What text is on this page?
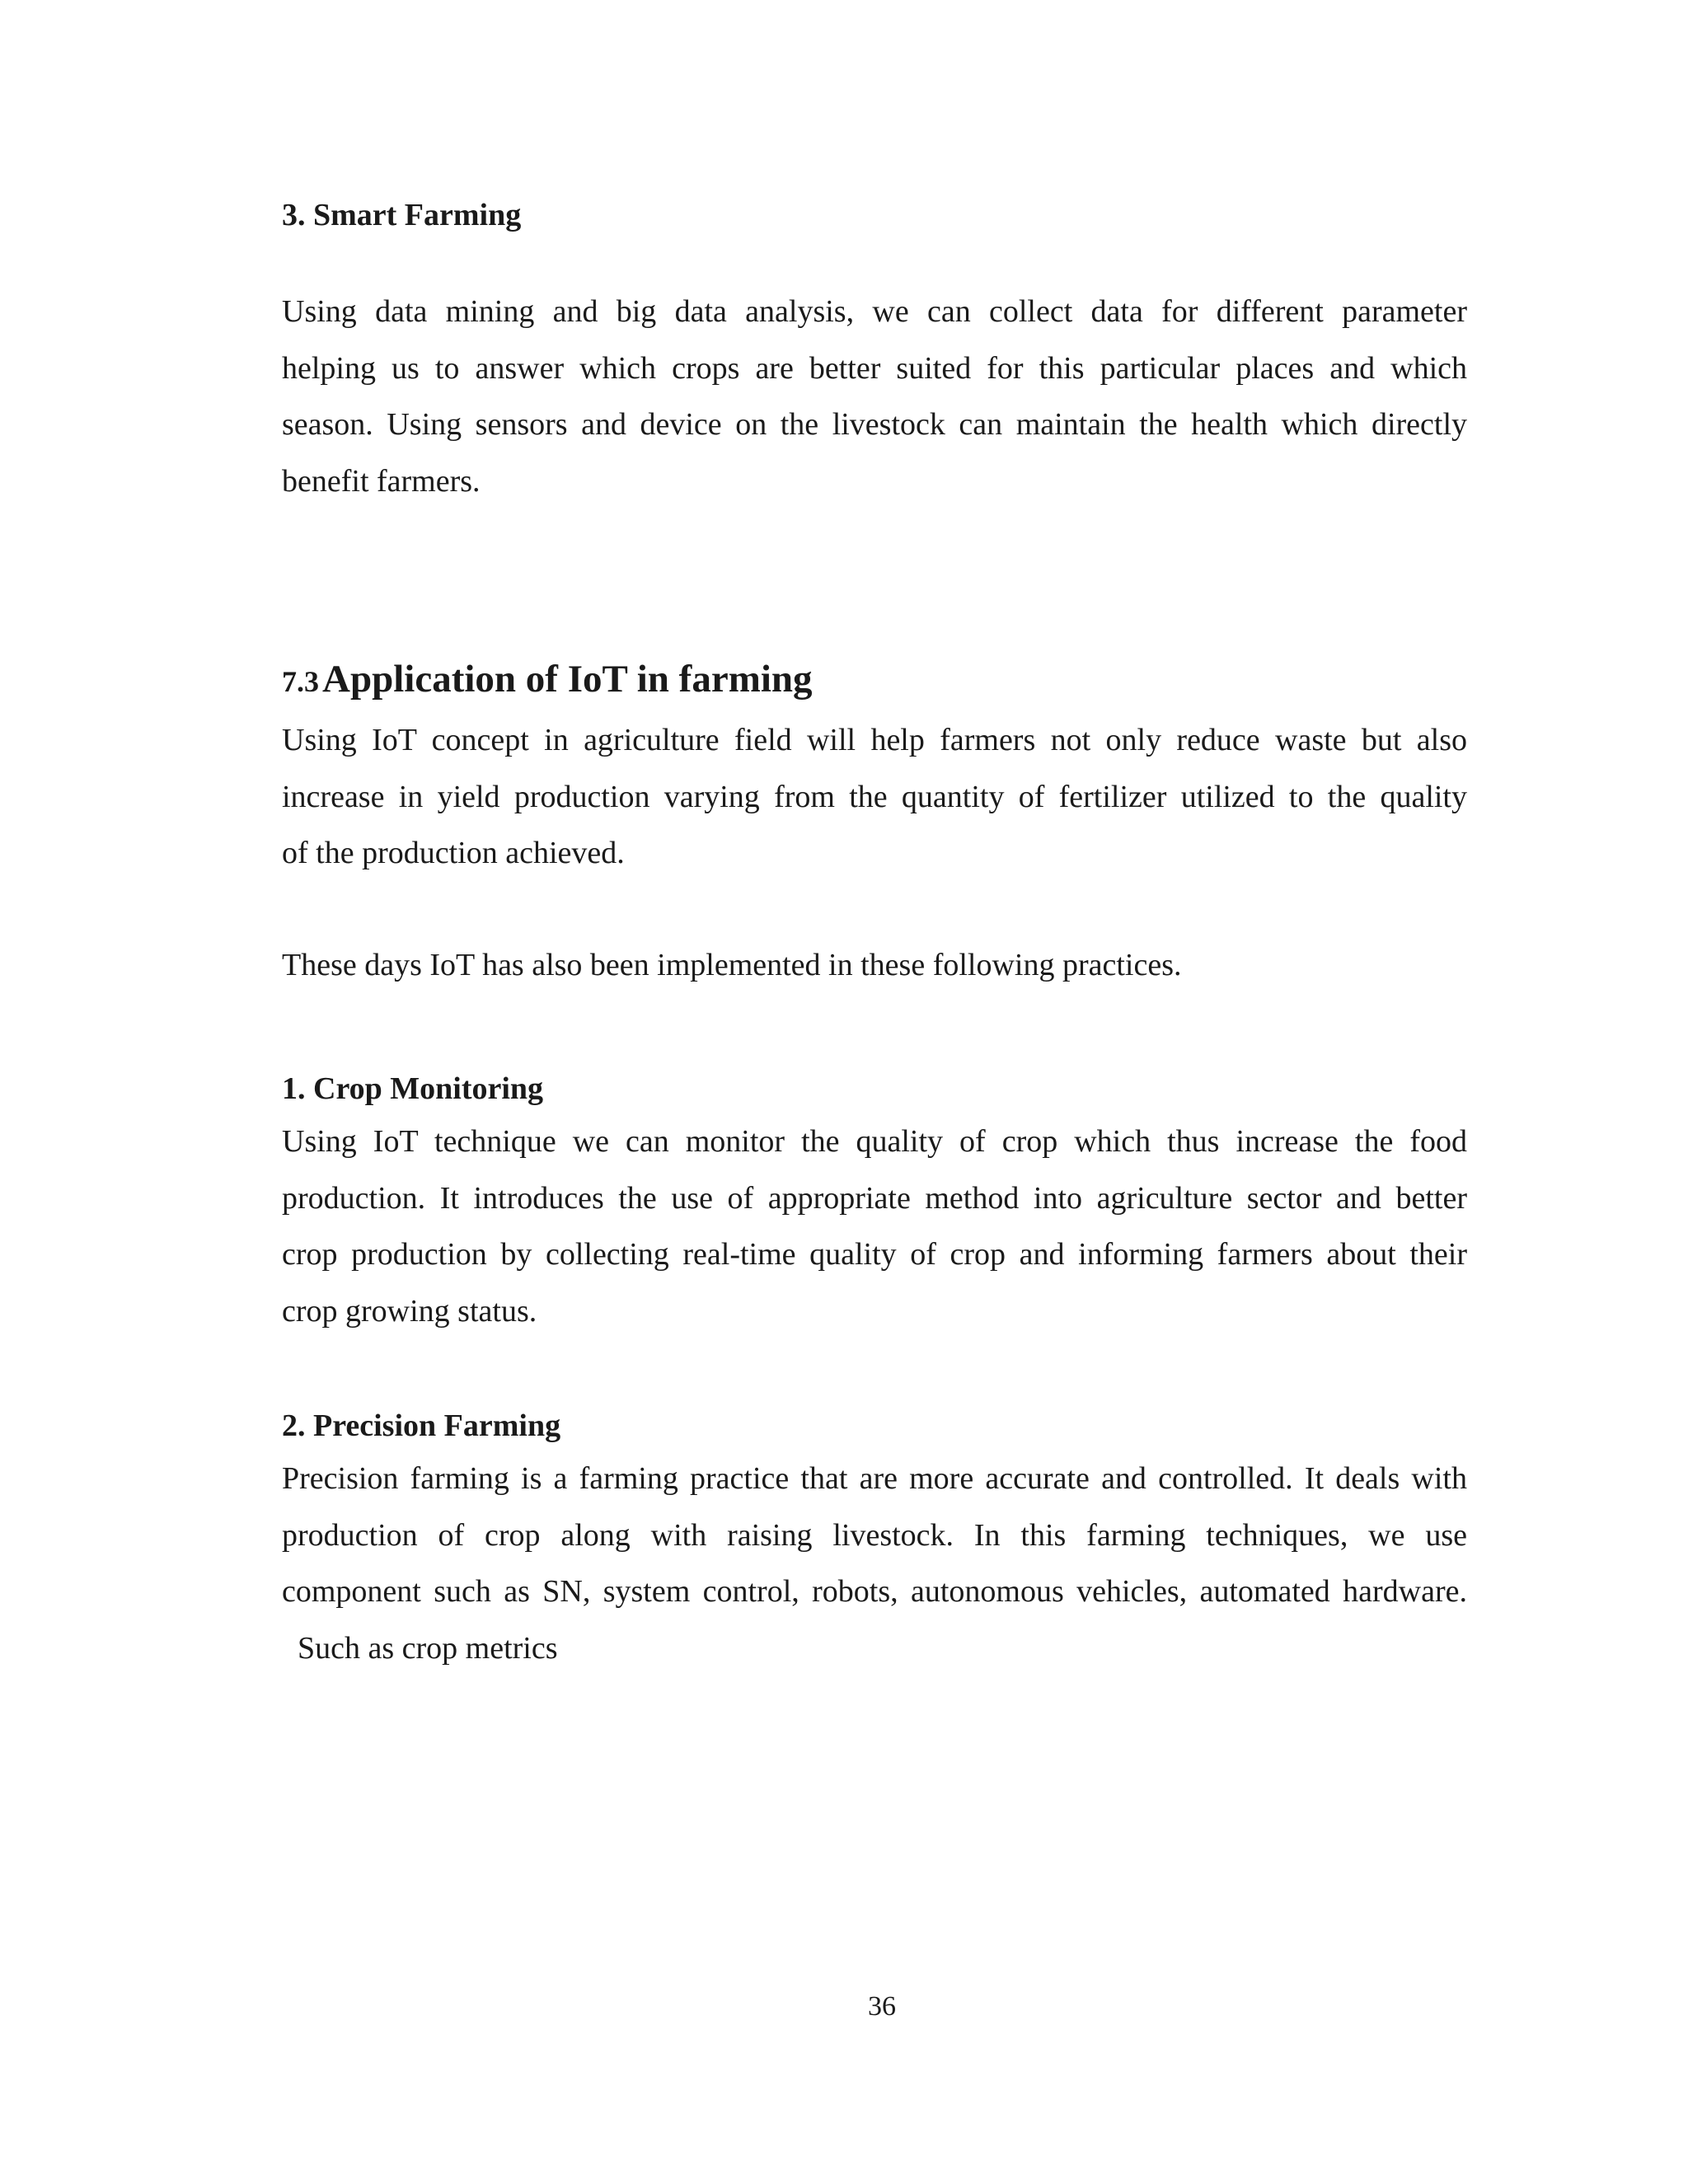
3. Smart Farming

Using data mining and big data analysis, we can collect data for different parameter
helping us to answer which crops are better suited for this particular places and which
season. Using sensors and device on the livestock can maintain the health which directly
benefit farmers.

7.3 Application of IoT in farming

Using IoT concept in agriculture field will help farmers not only reduce waste but also
increase in yield production varying from the quantity of fertilizer utilized to the quality
of the production achieved.

These days IoT has also been implemented in these following practices.

1. Crop Monitoring

Using IoT technique we can monitor the quality of crop which thus increase the food
production. It introduces the use of appropriate method into agriculture sector and better
crop production by collecting real-time quality of crop and informing farmers about their
crop growing status.

2. Precision Farming

Precision farming is a farming practice that are more accurate and controlled. It deals with
production of crop along with raising livestock. In this farming techniques, we use
component such as SN, system control, robots, autonomous vehicles, automated hardware.
Such as crop metrics

36
